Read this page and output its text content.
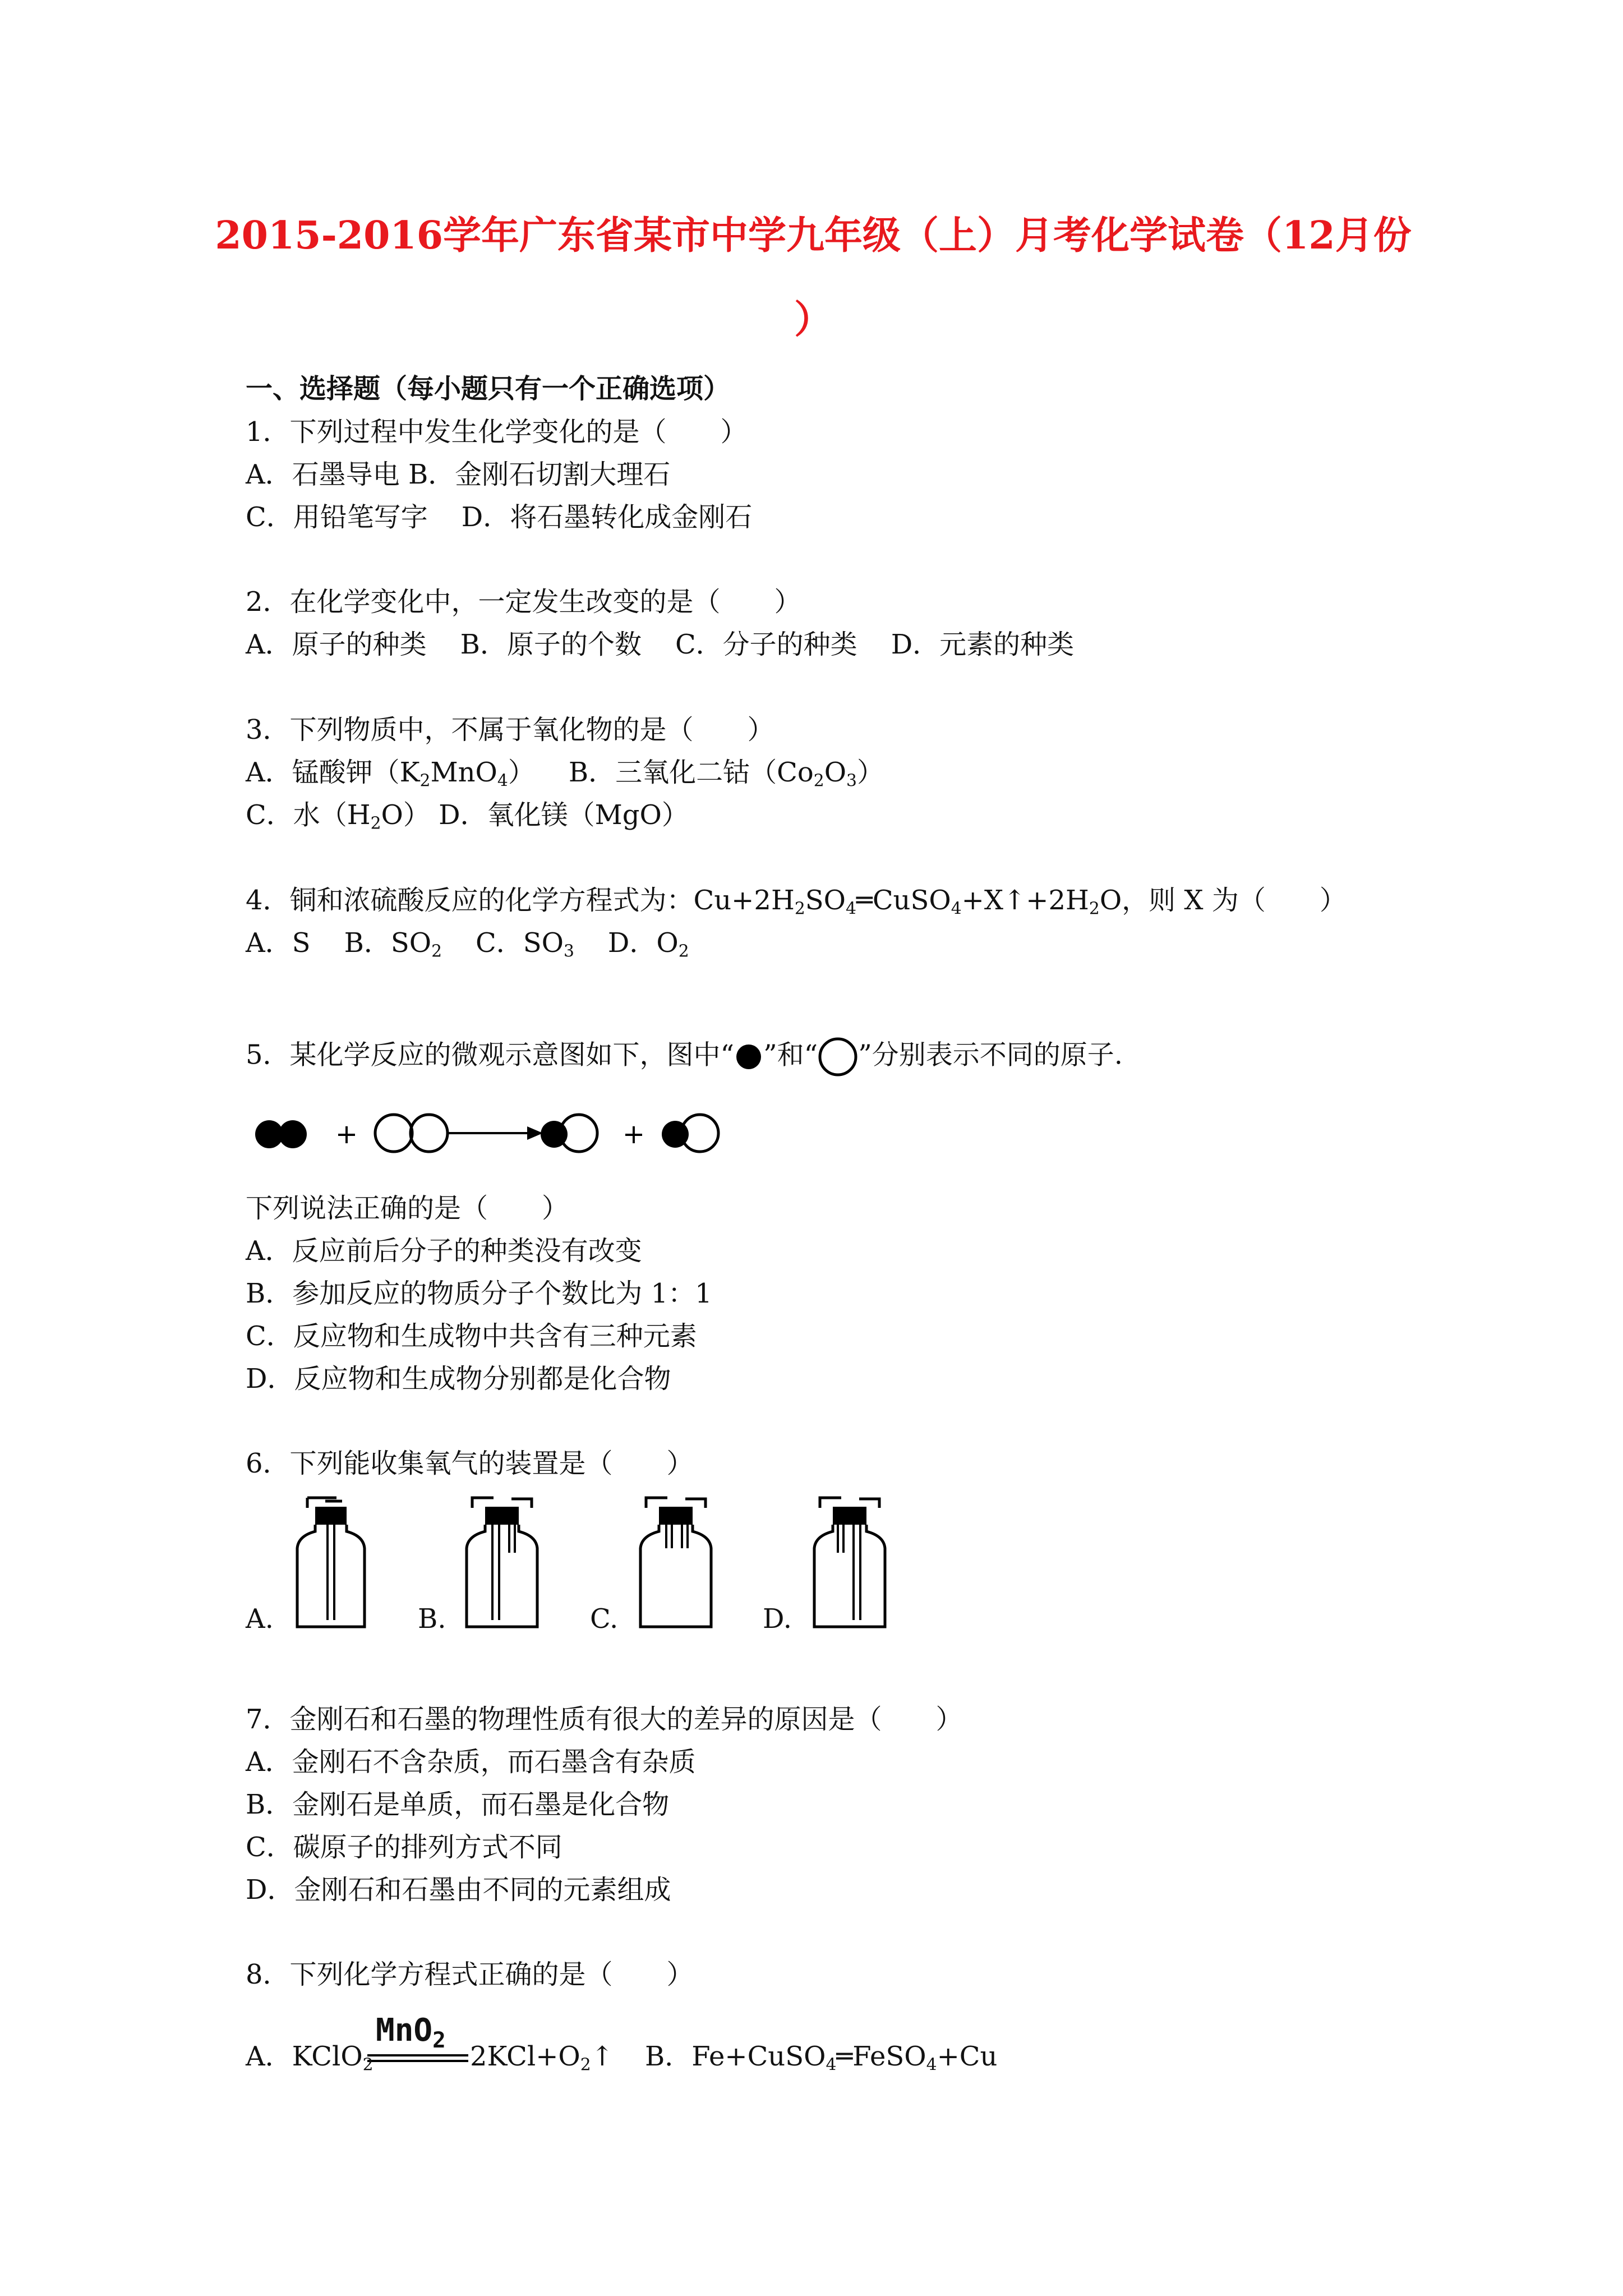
2015-2016学年广东省某市中学九年级（上）月考化学试卷（12月份
）
一、选择题（每小题只有一个正确选项）
1．下列过程中发生化学变化的是（　　）
A．石墨导电 B．金刚石切割大理石
C．用铅笔写字 D．将石墨转化成金刚石
2．在化学变化中，一定发生改变的是（　　）
A．原子的种类 B．原子的个数 C．分子的种类 D．元素的种类
3．下列物质中，不属于氧化物的是（　　）
A．锰酸钾$(K_2MnO_4)$ B．三氧化二钴$(Co_2O_3)$
C．水$(H_2O)$ D．氧化镁（MgO）
4．铜和浓硫酸反应的化学方程式为：$Cu+2H_2SO_4═CuSO_4+X↑+2H_2O$，则 X 为（　　）
A．S B．$SO_2$ C．$SO_3$ D．$O_2$
5．某化学反应的微观示意图如下，图中“ ”和“ ”分别表示不同的原子.
+	+
下列说法正确的是（　　）
A．反应前后分子的种类没有改变
B．参加反应的物质分子个数比为 1：1
C．反应物和生成物中共含有三种元素
D．反应物和生成物分别都是化合物
6．下列能收集氧气的装置是（　　）
A.	B.	C.	D.
7．金刚石和石墨的物理性质有很大的差异的原因是（　　）
A．金刚石不含杂质，而石墨含有杂质
B．金刚石是单质，而石墨是化合物
C．碳原子的排列方式不同
D．金刚石和石墨由不同的元素组成
8．下列化学方程式正确的是（　　）
MnO$_2$
A．KClO$_2$	$2KCl+O_2↑$ B．Fe+CuSO$_4$═FeSO$_4$+Cu
